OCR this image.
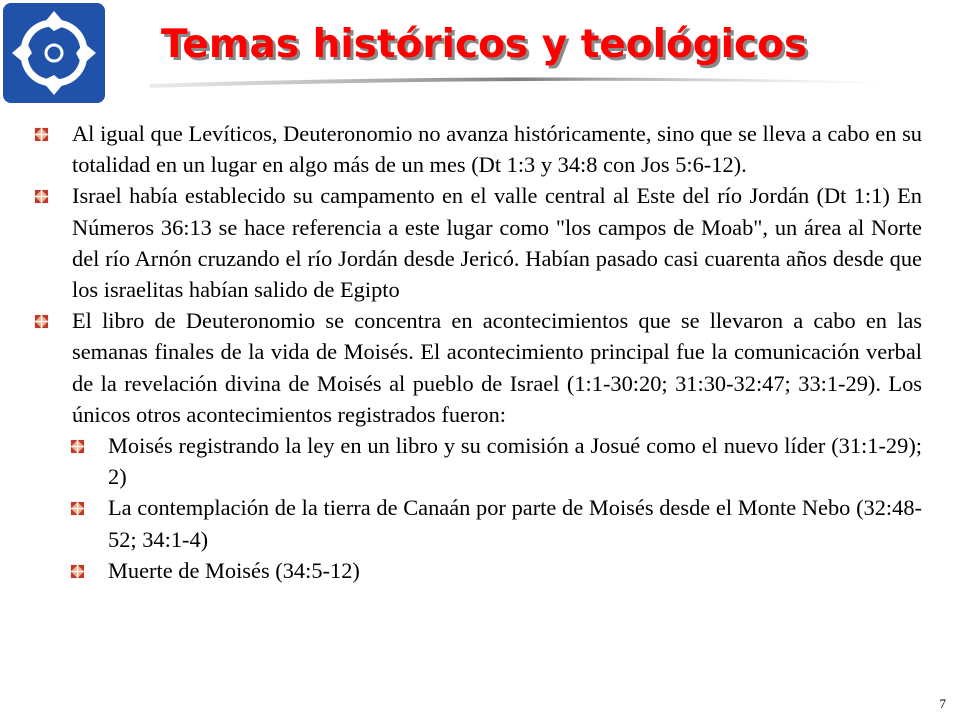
Temas históricos y teológicos
Al igual que Levíticos, Deuteronomio no avanza históricamente, sino que se lleva a cabo en su totalidad en un lugar en algo más de un mes (Dt 1:3 y 34:8 con Jos 5:6-12).
Israel había establecido su campamento en el valle central al Este del río Jordán (Dt 1:1) En Números 36:13 se hace referencia a este lugar como "los campos de Moab", un área al Norte del río Arnón cruzando el río Jordán desde Jericó. Habían pasado casi cuarenta años desde que los israelitas habían salido de Egipto
El libro de Deuteronomio se concentra en acontecimientos que se llevaron a cabo en las semanas finales de la vida de Moisés. El acontecimiento principal fue la comunicación verbal de la revelación divina de Moisés al pueblo de Israel (1:1-30:20; 31:30-32:47; 33:1-29). Los únicos otros acontecimientos registrados fueron:
Moisés registrando la ley en un libro y su comisión a Josué como el nuevo líder (31:1-29); 2)
La contemplación de la tierra de Canaán por parte de Moisés desde el Monte Nebo (32:48-52; 34:1-4)
Muerte de Moisés (34:5-12)
7
